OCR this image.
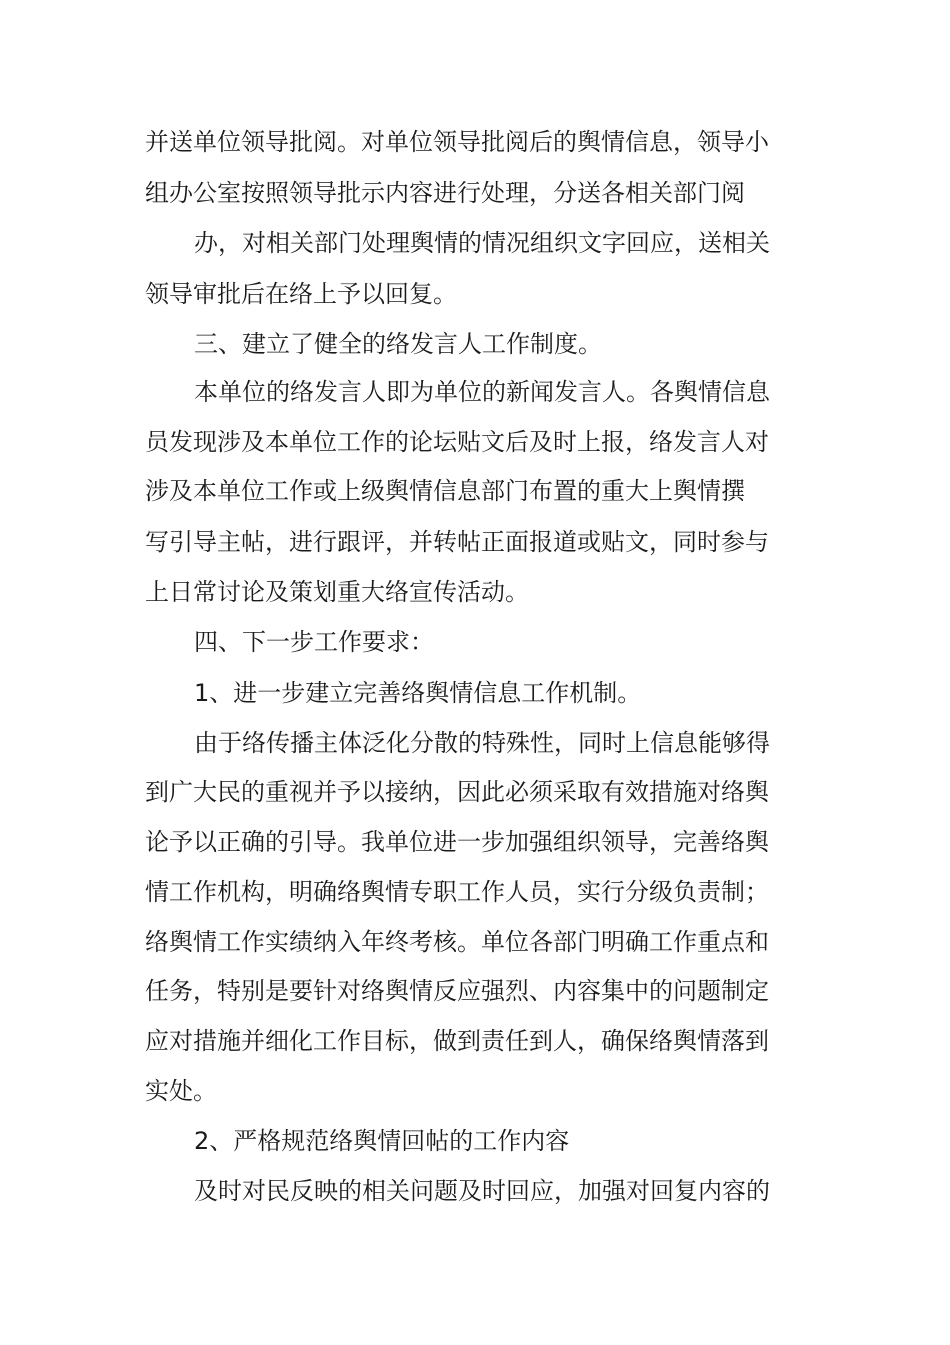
并送单位领导批阅。对单位领导批阅后的舆情信息，领导小
组办公室按照领导批示内容进行处理，分送各相关部门阅
办，对相关部门处理舆情的情况组织文字回应，送相关
领导审批后在络上予以回复。
三、建立了健全的络发言人工作制度。
本单位的络发言人即为单位的新闻发言人。各舆情信息
员发现涉及本单位工作的论坛贴文后及时上报，络发言人对
涉及本单位工作或上级舆情信息部门布置的重大上舆情撰
写引导主帖，进行跟评，并转帖正面报道或贴文，同时参与
上日常讨论及策划重大络宣传活动。
四、下一步工作要求：
1、进一步建立完善络舆情信息工作机制。
由于络传播主体泛化分散的特殊性，同时上信息能够得
到广大民的重视并予以接纳，因此必须采取有效措施对络舆
论予以正确的引导。我单位进一步加强组织领导，完善络舆
情工作机构，明确络舆情专职工作人员，实行分级负责制；
络舆情工作实绩纳入年终考核。单位各部门明确工作重点和
任务，特别是要针对络舆情反应强烈、内容集中的问题制定
应对措施并细化工作目标，做到责任到人，确保络舆情落到
实处。
2、严格规范络舆情回帖的工作内容
及时对民反映的相关问题及时回应，加强对回复内容的
